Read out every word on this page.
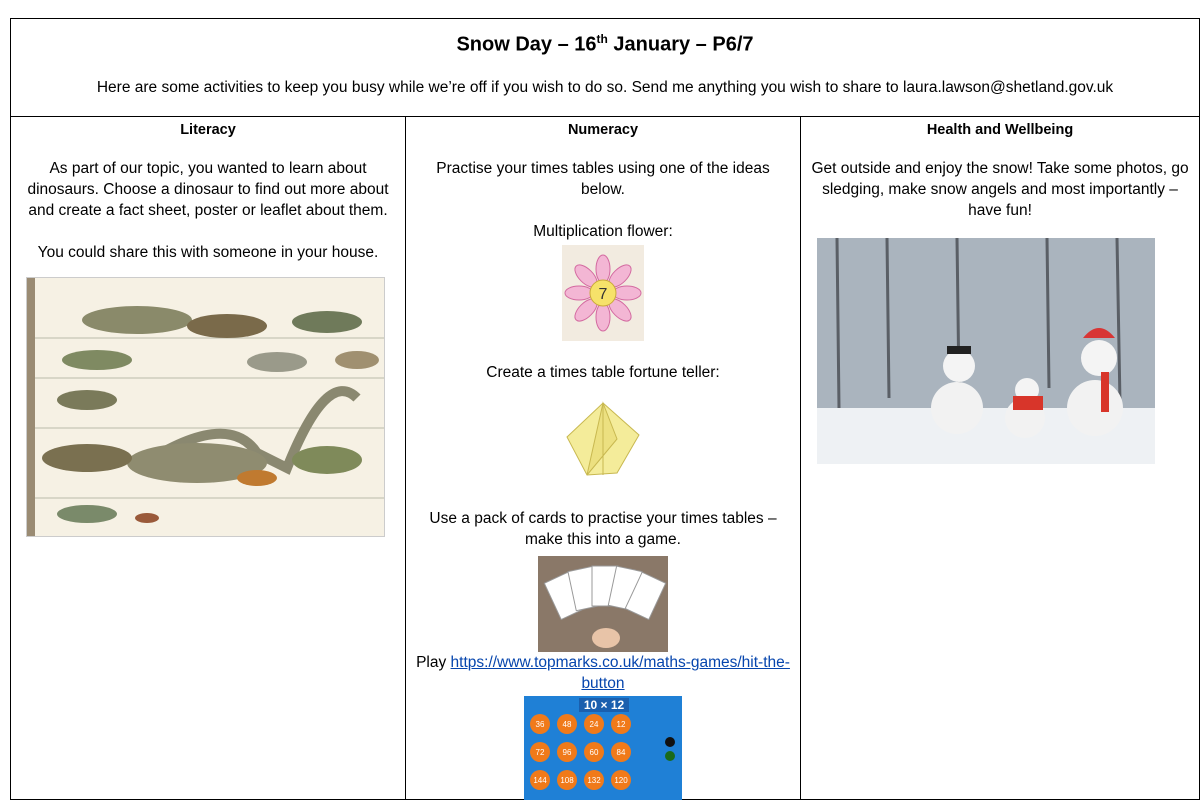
Snow Day – 16th January – P6/7
Here are some activities to keep you busy while we’re off if you wish to do so. Send me anything you wish to share to laura.lawson@shetland.gov.uk
Literacy

As part of our topic, you wanted to learn about dinosaurs. Choose a dinosaur to find out more about and create a fact sheet, poster or leaflet about them.

You could share this with someone in your house.

Numeracy

Practise your times tables using one of the ideas below.

Multiplication flower:

7

Create a times table fortune teller:

Use a pack of cards to practise your times tables – make this into a game.

Play https://www.topmarks.co.uk/maths-games/hit-the-button

10 × 12
36 48 24 12
72 96 60 84
144 108 132 120
Health and Wellbeing

Get outside and enjoy the snow! Take some photos, go sledging, make snow angels and most importantly – have fun!
